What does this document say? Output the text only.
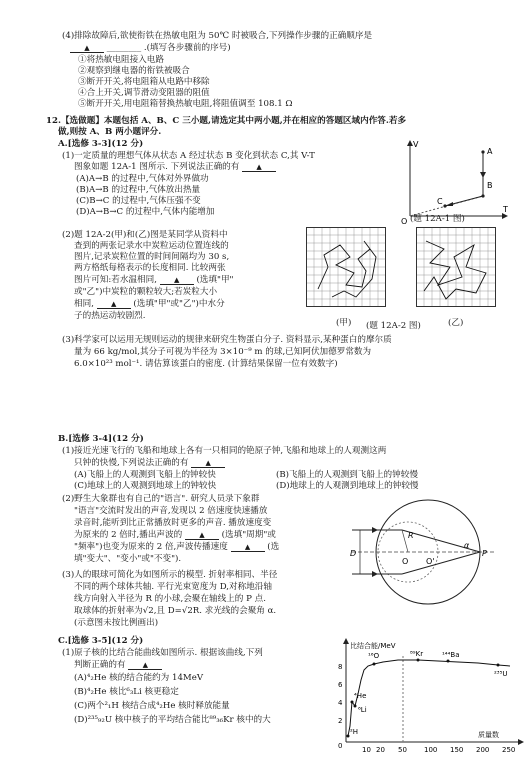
(4)排除故障后,欲使衔铁在热敏电阻为 50℃ 时被吸合,下列操作步骤的正确顺序是
▲ ________ .(填写各步骤前的序号)
①将热敏电阻接入电路
②观察到继电器的衔铁被吸合
③断开开关,将电阻箱从电路中移除
④合上开关,调节滑动变阻器的阻值
⑤断开开关,用电阻箱替换热敏电阻,将阻值调至 108.1 Ω
12.【选做题】本题包括 A、B、C 三小题,请选定其中两小题,并在相应的答题区域内作答.若多
做,则按 A、B 两小题评分.
A.[选修 3-3](12 分)
(1)一定质量的理想气体从状态 A 经过状态 B 变化到状态 C,其 V-T
图象如题 12A-1 图所示. 下列说法正确的有 ▲
(A)A→B 的过程中,气体对外界做功
(B)A→B 的过程中,气体放出热量
(C)B→C 的过程中,气体压强不变
(D)A→B→C 的过程中,气体内能增加
V
T
O
A
B
C
(题 12A-1 图)
(2)题 12A-2(甲)和(乙)图是某同学从资料中
查到的两张记录水中炭粒运动位置连线的
图片,记录炭粒位置的时间间隔均为 30 s,
两方格纸每格表示的长度相同. 比较两张
图片可知:若水温相同, ▲ (选填"甲"
或"乙")中炭粒的颗粒较大;若炭粒大小
相同, ▲ (选填"甲"或"乙")中水分
子的热运动较剧烈.
(甲) (题 12A-2 图)	(乙)
(3)科学家可以运用无规则运动的规律来研究生物蛋白分子. 资料显示,某种蛋白的摩尔质
量为 66 kg/mol,其分子可视为半径为 3×10⁻⁹ m 的球,已知阿伏加德罗常数为
6.0×10²³ mol⁻¹. 请估算该蛋白的密度. (计算结果保留一位有效数字)
B.[选修 3-4](12 分)
(1)接近光速飞行的飞船和地球上各有一只相同的铯原子钟,飞船和地球上的人观测这两
只钟的快慢,下列说法正确的有 ▲
(A)飞船上的人观测到飞船上的钟较快	(B)飞船上的人观测到飞船上的钟较慢
(C)地球上的人观测到地球上的钟较快	(D)地球上的人观测到地球上的钟较慢
(2)野生大象群也有自己的"语言". 研究人员录下象群
"语言"交流时发出的声音,发现以 2 倍速度快速播放
录音时,能听到比正常播放时更多的声音. 播放速度变
为原来的 2 倍时,播出声波的 ▲ (选填"周期"或
"频率")也变为原来的 2 倍,声波传播速度 ▲ (选
填"变大"、"变小"或"不变").
(3)人的眼球可简化为如图所示的模型. 折射率相同、半径
不同的两个球体共轴. 平行光束宽度为 D,对称地沿轴
线方向射入半径为 R 的小球,会聚在轴线上的 P 点.
取球体的折射率为√2,且 D=√2R. 求光线的会聚角 α.
(示意图未按比例画出)
D
R
α
O O'
P
C.[选修 3-5](12 分)
(1)原子核的比结合能曲线如图所示. 根据该曲线,下列
判断正确的有 ▲
(A)⁴₂He 核的结合能约为 14MeV
(B)⁴₂He 核比⁶₃Li 核更稳定
(C)两个²₁H 核结合成⁴₂He 核时释放能量
(D)²³⁵₉₂U 核中核子的平均结合能比⁸⁹₃₆Kr 核中的大
比结合能/MeV
质量数
8
6
4
2
0	10 20 50 100 150 200 250
¹⁶O	⁸⁹Kr	¹⁴⁴Ba
²³⁵U
⁴He
⁶Li
²H
